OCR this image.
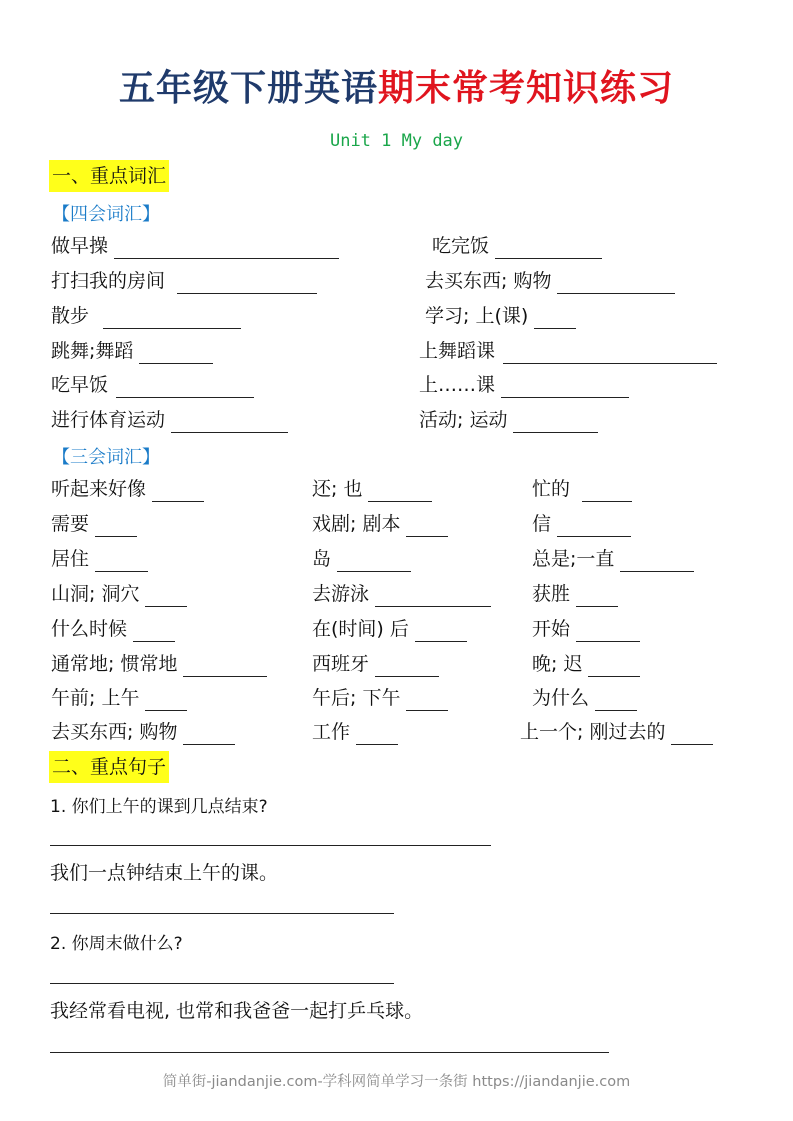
五年级下册英语期末常考知识练习
Unit 1 My day
一、重点词汇
【四会词汇】
做早操	吃完饭
打扫我的房间	去买东西; 购物
散步	学习; 上(课)
跳舞;舞蹈	上舞蹈课
吃早饭	上……课
进行体育运动	活动; 运动
【三会词汇】
听起来好像	还; 也	忙的
需要	戏剧; 剧本	信
居住	岛	总是;一直
山洞; 洞穴	去游泳	获胜
什么时候	在(时间) 后	开始
通常地; 惯常地	西班牙	晚; 迟
午前; 上午	午后; 下午	为什么
去买东西; 购物	工作	上一个; 刚过去的
二、重点句子
1. 你们上午的课到几点结束?
我们一点钟结束上午的课。
2. 你周末做什么?
我经常看电视, 也常和我爸爸一起打乒乓球。
简单街-jiandanjie.com-学科网简单学习一条街 https://jiandanjie.com
